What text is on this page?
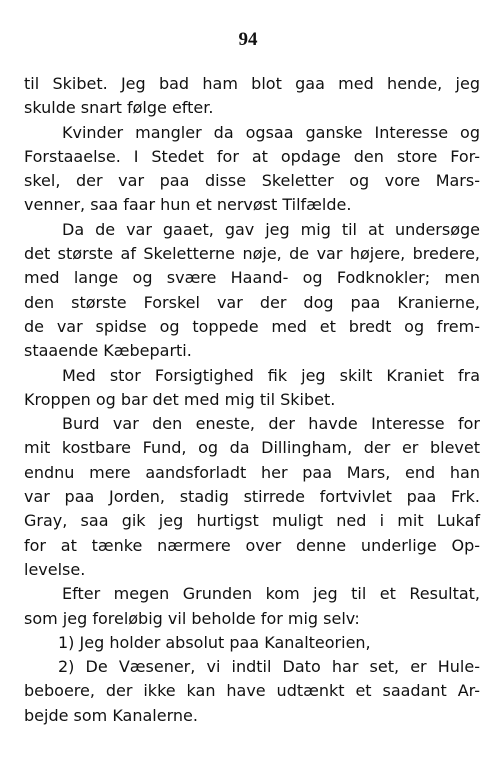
94

til Skibet. Jeg bad ham blot gaa med hende, jeg

skulde snart følge efter.

Kvinder mangler da ogsaa ganske Interesse og

Forstaaelse. I Stedet for at opdage den store For-

skel, der var paa disse Skeletter og vore Mars-

venner, saa faar hun et nervøst Tilfælde.

Da de var gaaet, gav jeg mig til at undersøge

det største af Skeletterne nøje, de var højere, bredere,

med lange og svære Haand- og Fodknokler; men

den største Forskel var der dog paa Kranierne,

de var spidse og toppede med et bredt og frem-

staaende Kæbeparti.

Med stor Forsigtighed fik jeg skilt Kraniet fra

Kroppen og bar det med mig til Skibet.

Burd var den eneste, der havde Interesse for

mit kostbare Fund, og da Dillingham, der er blevet

endnu mere aandsforladt her paa Mars, end han

var paa Jorden, stadig stirrede fortvivlet paa Frk.

Gray, saa gik jeg hurtigst muligt ned i mit Lukaf

for at tænke nærmere over denne underlige Op-

levelse.

Efter megen Grunden kom jeg til et Resultat,

som jeg foreløbig vil beholde for mig selv:

1) Jeg holder absolut paa Kanalteorien,

2) De Væsener, vi indtil Dato har set, er Hule-

beboere, der ikke kan have udtænkt et saadant Ar-

bejde som Kanalerne.
